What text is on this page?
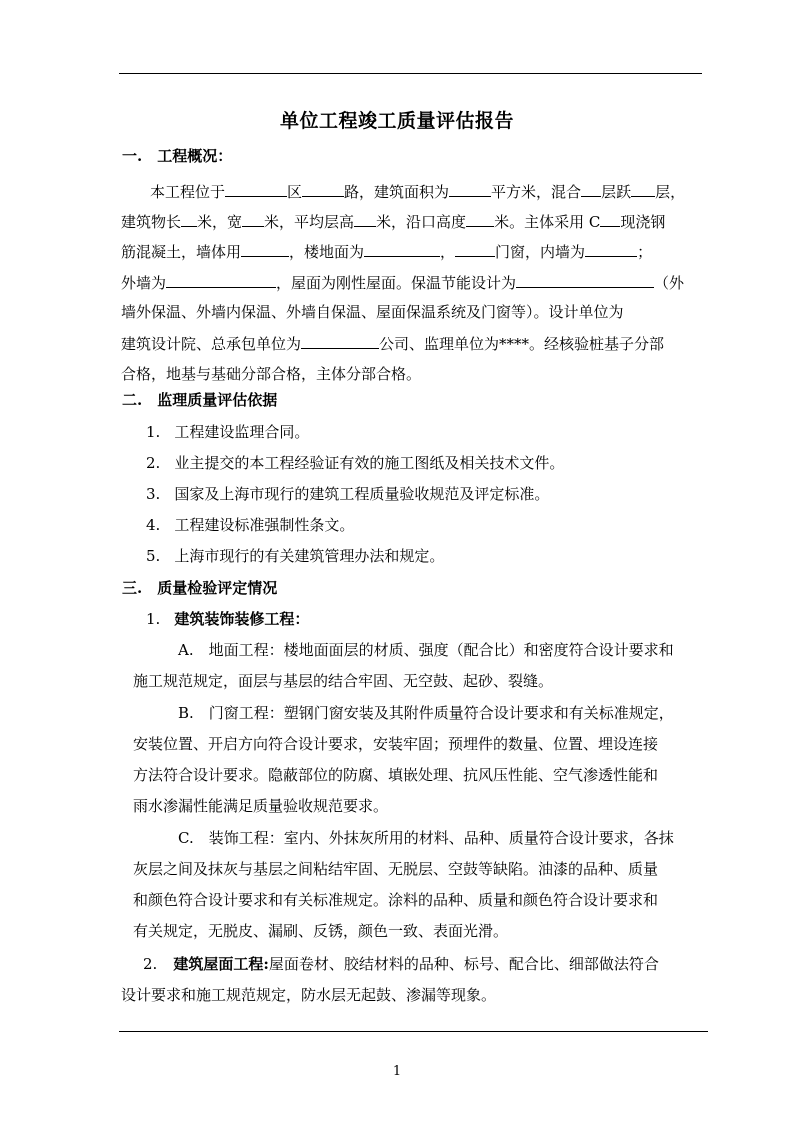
单位工程竣工质量评估报告
一.　工程概况：
本工程位于	区	路，建筑面积为	平方米，混合 层跃 层，
建筑物长 米，宽 米，平均层高 米，沿口高度 米。主体采用 C 现浇钢
筋混凝土，墙体用	，楼地面为	，	门窗，内墙为	；
外墙为	，屋面为刚性屋面。保温节能设计为	（外
墙外保温、外墙内保温、外墙自保温、屋面保温系统及门窗等）。设计单位为
建筑设计院、总承包单位为	公司、监理单位为****。经核验桩基子分部
合格，地基与基础分部合格，主体分部合格。
二.　监理质量评估依据
1. 工程建设监理合同。
2. 业主提交的本工程经验证有效的施工图纸及相关技术文件。
3. 国家及上海市现行的建筑工程质量验收规范及评定标准。
4. 工程建设标准强制性条文。
5. 上海市现行的有关建筑管理办法和规定。
三.　质量检验评定情况
1. 建筑装饰装修工程：
A.　地面工程：楼地面面层的材质、强度（配合比）和密度符合设计要求和
施工规范规定，面层与基层的结合牢固、无空鼓、起砂、裂缝。
B.　门窗工程：塑钢门窗安装及其附件质量符合设计要求和有关标准规定，
安装位置、开启方向符合设计要求，安装牢固；预埋件的数量、位置、埋设连接
方法符合设计要求。隐蔽部位的防腐、填嵌处理、抗风压性能、空气渗透性能和
雨水渗漏性能满足质量验收规范要求。
C.　装饰工程：室内、外抹灰所用的材料、品种、质量符合设计要求，各抹
灰层之间及抹灰与基层之间粘结牢固、无脱层、空鼓等缺陷。油漆的品种、质量
和颜色符合设计要求和有关标准规定。涂料的品种、质量和颜色符合设计要求和
有关规定，无脱皮、漏刷、反锈，颜色一致、表面光滑。
2. 建筑屋面工程:屋面卷材、胶结材料的品种、标号、配合比、细部做法符合
设计要求和施工规范规定，防水层无起鼓、渗漏等现象。
1
